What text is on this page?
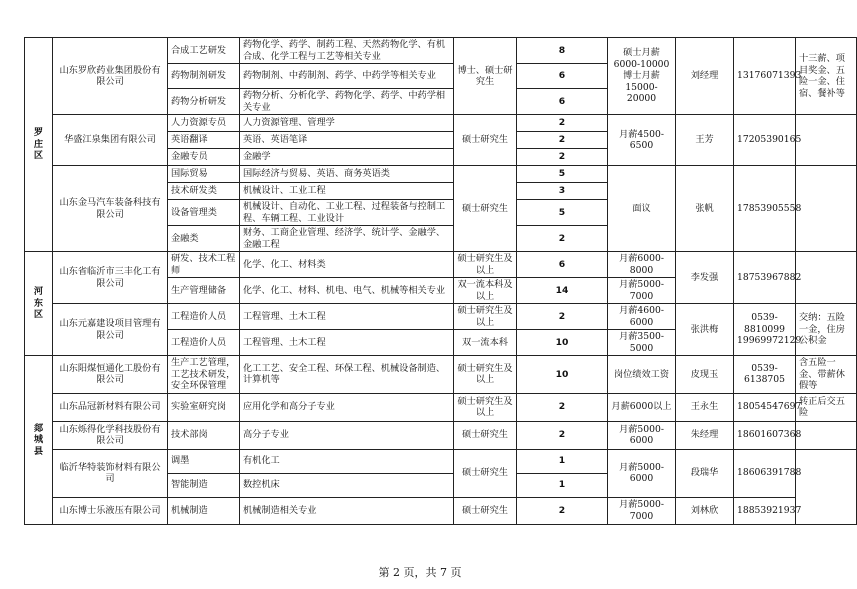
罗庄区	山东罗欣药业集团股份有限公司	合成工艺研发	药物化学、药学、制药工程、天然药物化学、有机合成、化学工程与工艺等相关专业	博士、硕士研究生	8	硕士月薪6000-10000 博士月薪15000-20000	刘经理	13176071393	十三薪、项目奖金、五险一金、住宿、餐补等
		药物制剂研发	药物制剂、中药制剂、药学、中药学等相关专业		6				
		药物分析研发	药物分析、分析化学、药物化学、药学、中药学相关专业		6				
	华盛江泉集团有限公司	人力资源专员	人力资源管理、管理学	硕士研究生	2	月薪4500-6500	王芳	17205390165	
		英语翻译	英语、英语笔译		2				
		金融专员	金融学		2				
	山东金马汽车装备科技有限公司	国际贸易	国际经济与贸易、英语、商务英语类	硕士研究生	5	面议	张帆	17853905558	
		技术研发类	机械设计、工业工程		3				
		设备管理类	机械设计、自动化、工业工程、过程装备与控制工程、车辆工程、工业设计		5				
		金融类	财务、工商企业管理、经济学、统计学、金融学、金融工程		2				
河东区	山东省临沂市三丰化工有限公司	研发、技术工程师	化学、化工、材料类	硕士研究生及以上	6	月薪6000-8000	李发强	18753967882	
		生产管理储备	化学、化工、材料、机电、电气、机械等相关专业	双一流本科及以上	14	月薪5000-7000			
	山东元嘉建设项目管理有限公司	工程造价人员	工程管理、土木工程	硕士研究生及以上	2	月薪4600-6000	张洪梅	0539-8810099 19969972129	交纳：五险一金，住房公积金
		工程造价人员	工程管理、土木工程	双一流本科	10	月薪3500-5000			
郯城县	山东阳煤恒通化工股份有限公司	生产工艺管理，工艺技术研发，安全环保管理	化工工艺、安全工程、环保工程、机械设备制造、计算机等	硕士研究生及以上	10	岗位绩效工资	皮现玉	0539-6138705	含五险一金、带薪休假等
	山东品冠新材料有限公司	实验室研究岗	应用化学和高分子专业	硕士研究生及以上	2	月薪6000以上	王永生	18054547697	转正后交五险
	山东烁得化学科技股份有限公司	技术部岗	高分子专业	硕士研究生	2	月薪5000-6000	朱经理	18601607368	
	临沂华特装饰材料有限公司	调墨	有机化工	硕士研究生	1	月薪5000-6000	段瑞华	18606391788	
		智能制造	数控机床		1				
	山东博士乐液压有限公司	机械制造	机械制造相关专业	硕士研究生	2	月薪5000-7000	刘林欣	18853921937	
第 2 页，共 7 页
